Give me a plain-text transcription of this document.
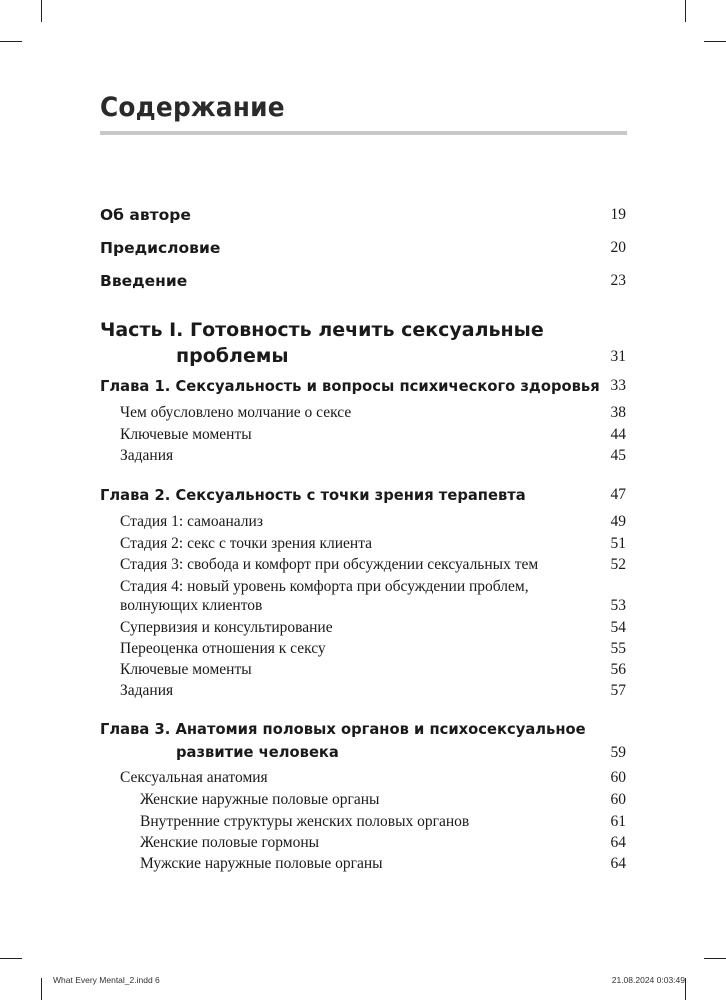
Содержание
Об авторе	19
Предисловие	20
Введение	23
Часть I. Готовность лечить сексуальные
проблемы	31
Глава 1. Сексуальность и вопросы психического здоровья 33
Чем обусловлено молчание о сексе	38
Ключевые моменты	44
Задания	45
Глава 2. Сексуальность с точки зрения терапевта	47
Стадия 1: самоанализ	49
Стадия 2: секс с точки зрения клиента	51
Стадия 3: свобода и комфорт при обсуждении сексуальных тем	52
Стадия 4: новый уровень комфорта при обсуждении проблем,
волнующих клиентов	53
Супервизия и консультирование	54
Переоценка отношения к сексу	55
Ключевые моменты	56
Задания	57
Глава 3. Анатомия половых органов и психосексуальное
развитие человека	59
Сексуальная анатомия	60
Женские наружные половые органы	60
Внутренние структуры женских половых органов	61
Женские половые гормоны	64
Мужские наружные половые органы	64
What Every Mental_2.indd 6	21.08.2024 0:03:49
